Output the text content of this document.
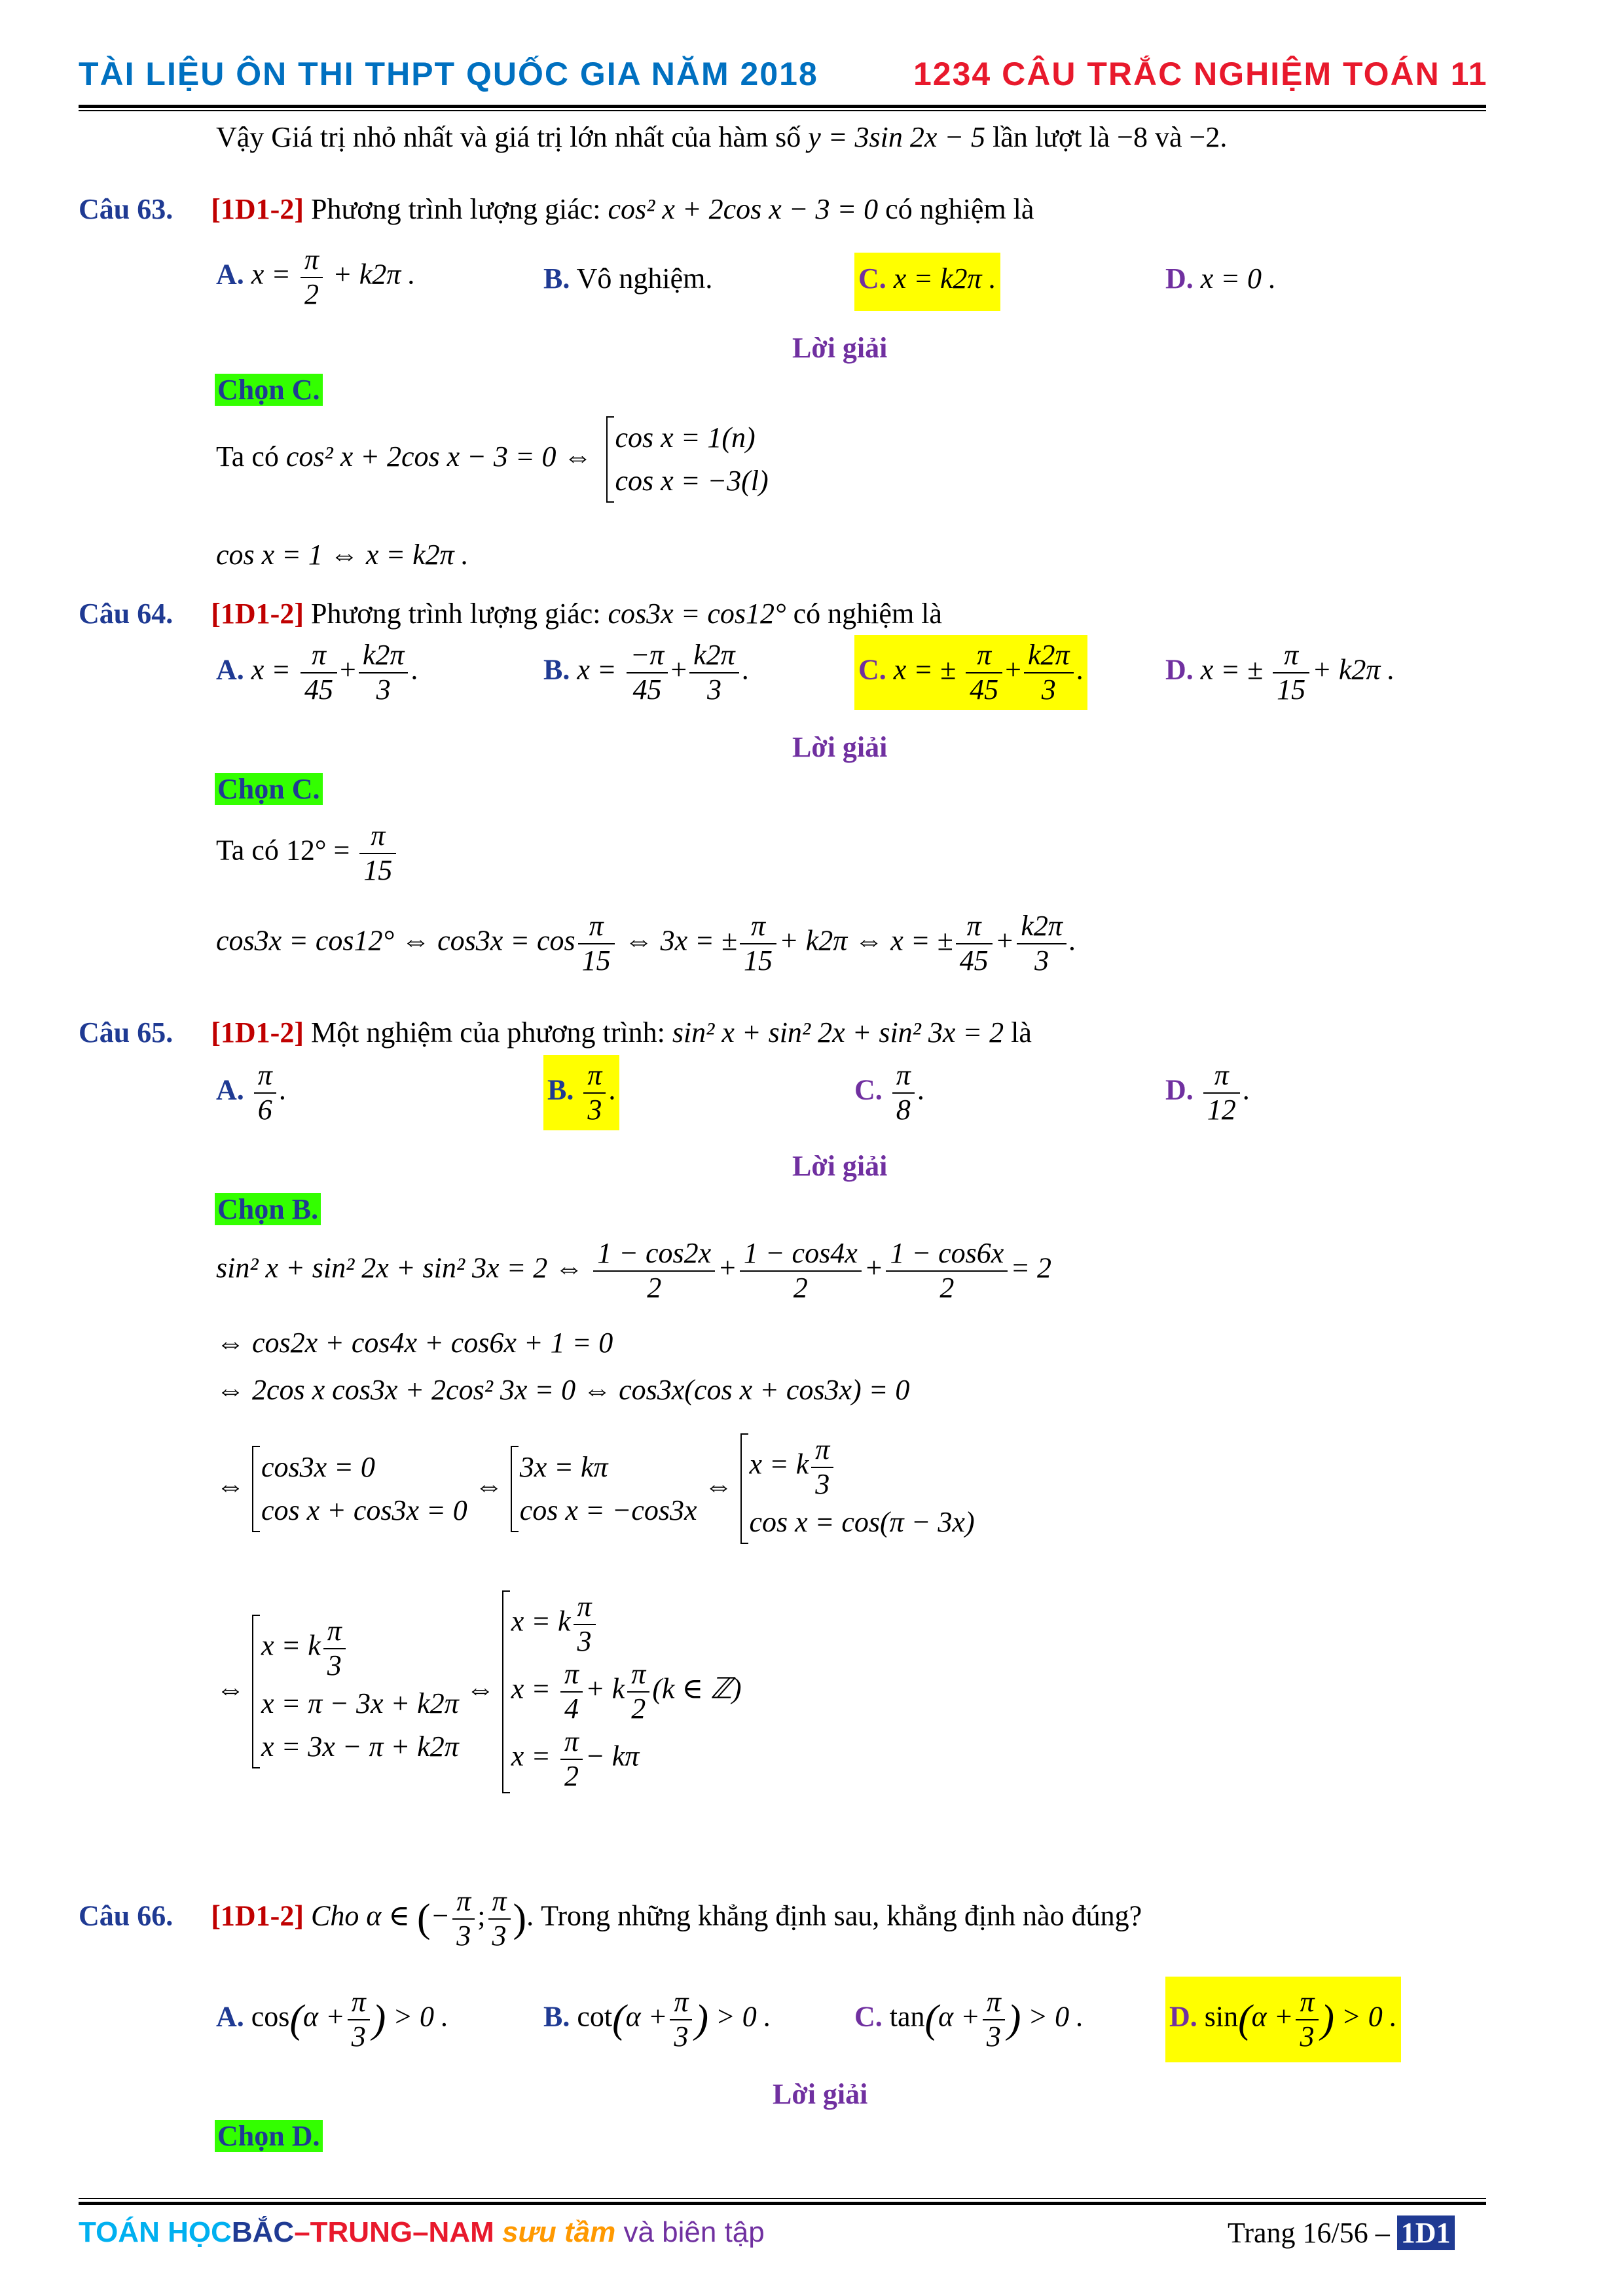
TÀI LIỆU ÔN THI THPT QUỐC GIA NĂM 2018	1234 CÂU TRẮC NGHIỆM TOÁN 11
Vậy Giá trị nhỏ nhất và giá trị lớn nhất của hàm số y = 3sin 2x − 5 lần lượt là −8 và −2.
Câu 63. [1D1-2] Phương trình lượng giác: cos² x + 2cos x − 3 = 0 có nghiệm là
A. $x = \frac{\pi}{2} + k2\pi$ .	B. Vô nghiệm.	C. x = k2π .	D. x = 0 .
Lời giải
Chọn C.
Ta có cos² x + 2cos x − 3 = 0 ⇔
cos x = 1(n)
cos x = −3(l)
cos x = 1 ⇔ x = k2π .
Câu 64. [1D1-2] Phương trình lượng giác: cos3x = cos12° có nghiệm là
A. $x = \frac{\pi}{45} + \frac{k2\pi}{3}$ .	B. $x = \frac{-\pi}{45} + \frac{k2\pi}{3}$ .	C. x = ± $\frac{\pi}{45} + \frac{k2\pi}{3}$ .	D. x = ± $\frac{\pi}{15} + k2\pi$ .
Lời giải
Chọn C.
Ta có $12^\circ = \frac{\pi}{15}$
cos3x = cos12° ⇔ $\cos 3x = \cos \frac{\pi}{15}$ ⇔ 3x = ± $\frac{\pi}{15} + k2\pi$ ⇔ x = ± $\frac{\pi}{45} + \frac{k2\pi}{3}$ .
Câu 65. [1D1-2] Một nghiệm của phương trình: sin² x + sin² 2x + sin² 3x = 2 là
A. $\frac{\pi}{6}$ .	B. $\frac{\pi}{3}$ .	C. $\frac{\pi}{8}$ .	D. $\frac{\pi}{12}$ .
Lời giải
Chọn B.
sin² x + sin² 2x + sin² 3x = 2 ⇔ $\frac{1 - \cos 2x}{2} + \frac{1 - \cos 4x}{2} + \frac{1 - \cos 6x}{2} = 2$
⇔ cos2x + cos4x + cos6x + 1 = 0
⇔ 2cos x cos3x + 2cos² 3x = 0 ⇔ cos3x(cos x + cos3x) = 0
⇔
cos3x = 0
cos x + cos3x = 0
⇔
3x = kπ
cos x = −cos3x
⇔
x = k $\frac{\pi}{3}$
cos x = cos(π − 3x)
⇔
x = k $\frac{\pi}{3}$
x = π − 3x + k2π
x = 3x − π + k2π
⇔
x = k $\frac{\pi}{3}$
$x = \frac{\pi}{4} + k \frac{\pi}{2} (k$ ∈ ℤ)
$x = \frac{\pi}{2} - k\pi$
Câu 66. [1D1-2] Cho α ∈ (− $\frac{\pi}{3}$ ; $\frac{\pi}{3}$ ). Trong những khẳng định sau, khẳng định nào đúng?
A. $\cos(\alpha + \frac{\pi}{3}$ ) > 0 .	B. $\cot(\alpha + \frac{\pi}{3}$ ) > 0 .	C. $\tan(\alpha + \frac{\pi}{3}$ ) > 0 .	D. $\sin(\alpha + \frac{\pi}{3}$ ) > 0 .
Lời giải
Chọn D.
TOÁN HỌCBẮC–TRUNG–NAM sưu tầm và biên tập	Trang 16/56 – 1D1
